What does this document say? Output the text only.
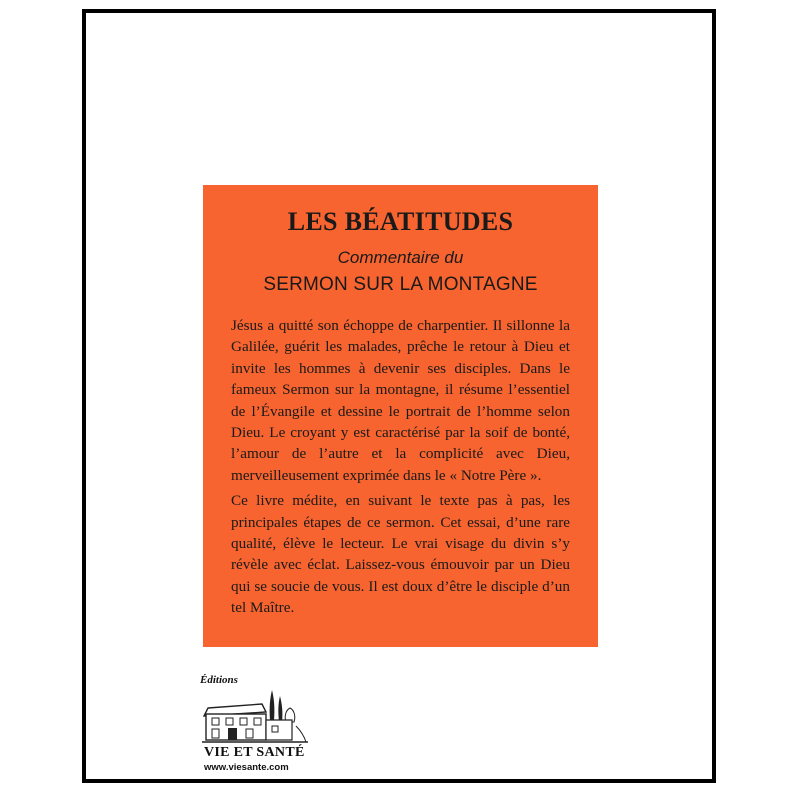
LES BÉATITUDES
Commentaire du
SERMON SUR LA MONTAGNE

Jésus a quitté son échoppe de charpentier. Il sillonne la Galilée, guérit les malades, prêche le retour à Dieu et invite les hommes à devenir ses disciples. Dans le fameux Sermon sur la montagne, il résume l’essentiel de l’Évangile et dessine le portrait de l’homme selon Dieu. Le croyant y est caractérisé par la soif de bonté, l’amour de l’autre et la complicité avec Dieu, merveilleusement exprimée dans le « Notre Père ».

Ce livre médite, en suivant le texte pas à pas, les principales étapes de ce sermon. Cet essai, d’une rare qualité, élève le lecteur. Le vrai visage du divin s’y révèle avec éclat. Laissez-vous émouvoir par un Dieu qui se soucie de vous. Il est doux d’être le disciple d’un tel Maître.

Éditions
VIE ET SANTÉ
www.viesante.com
